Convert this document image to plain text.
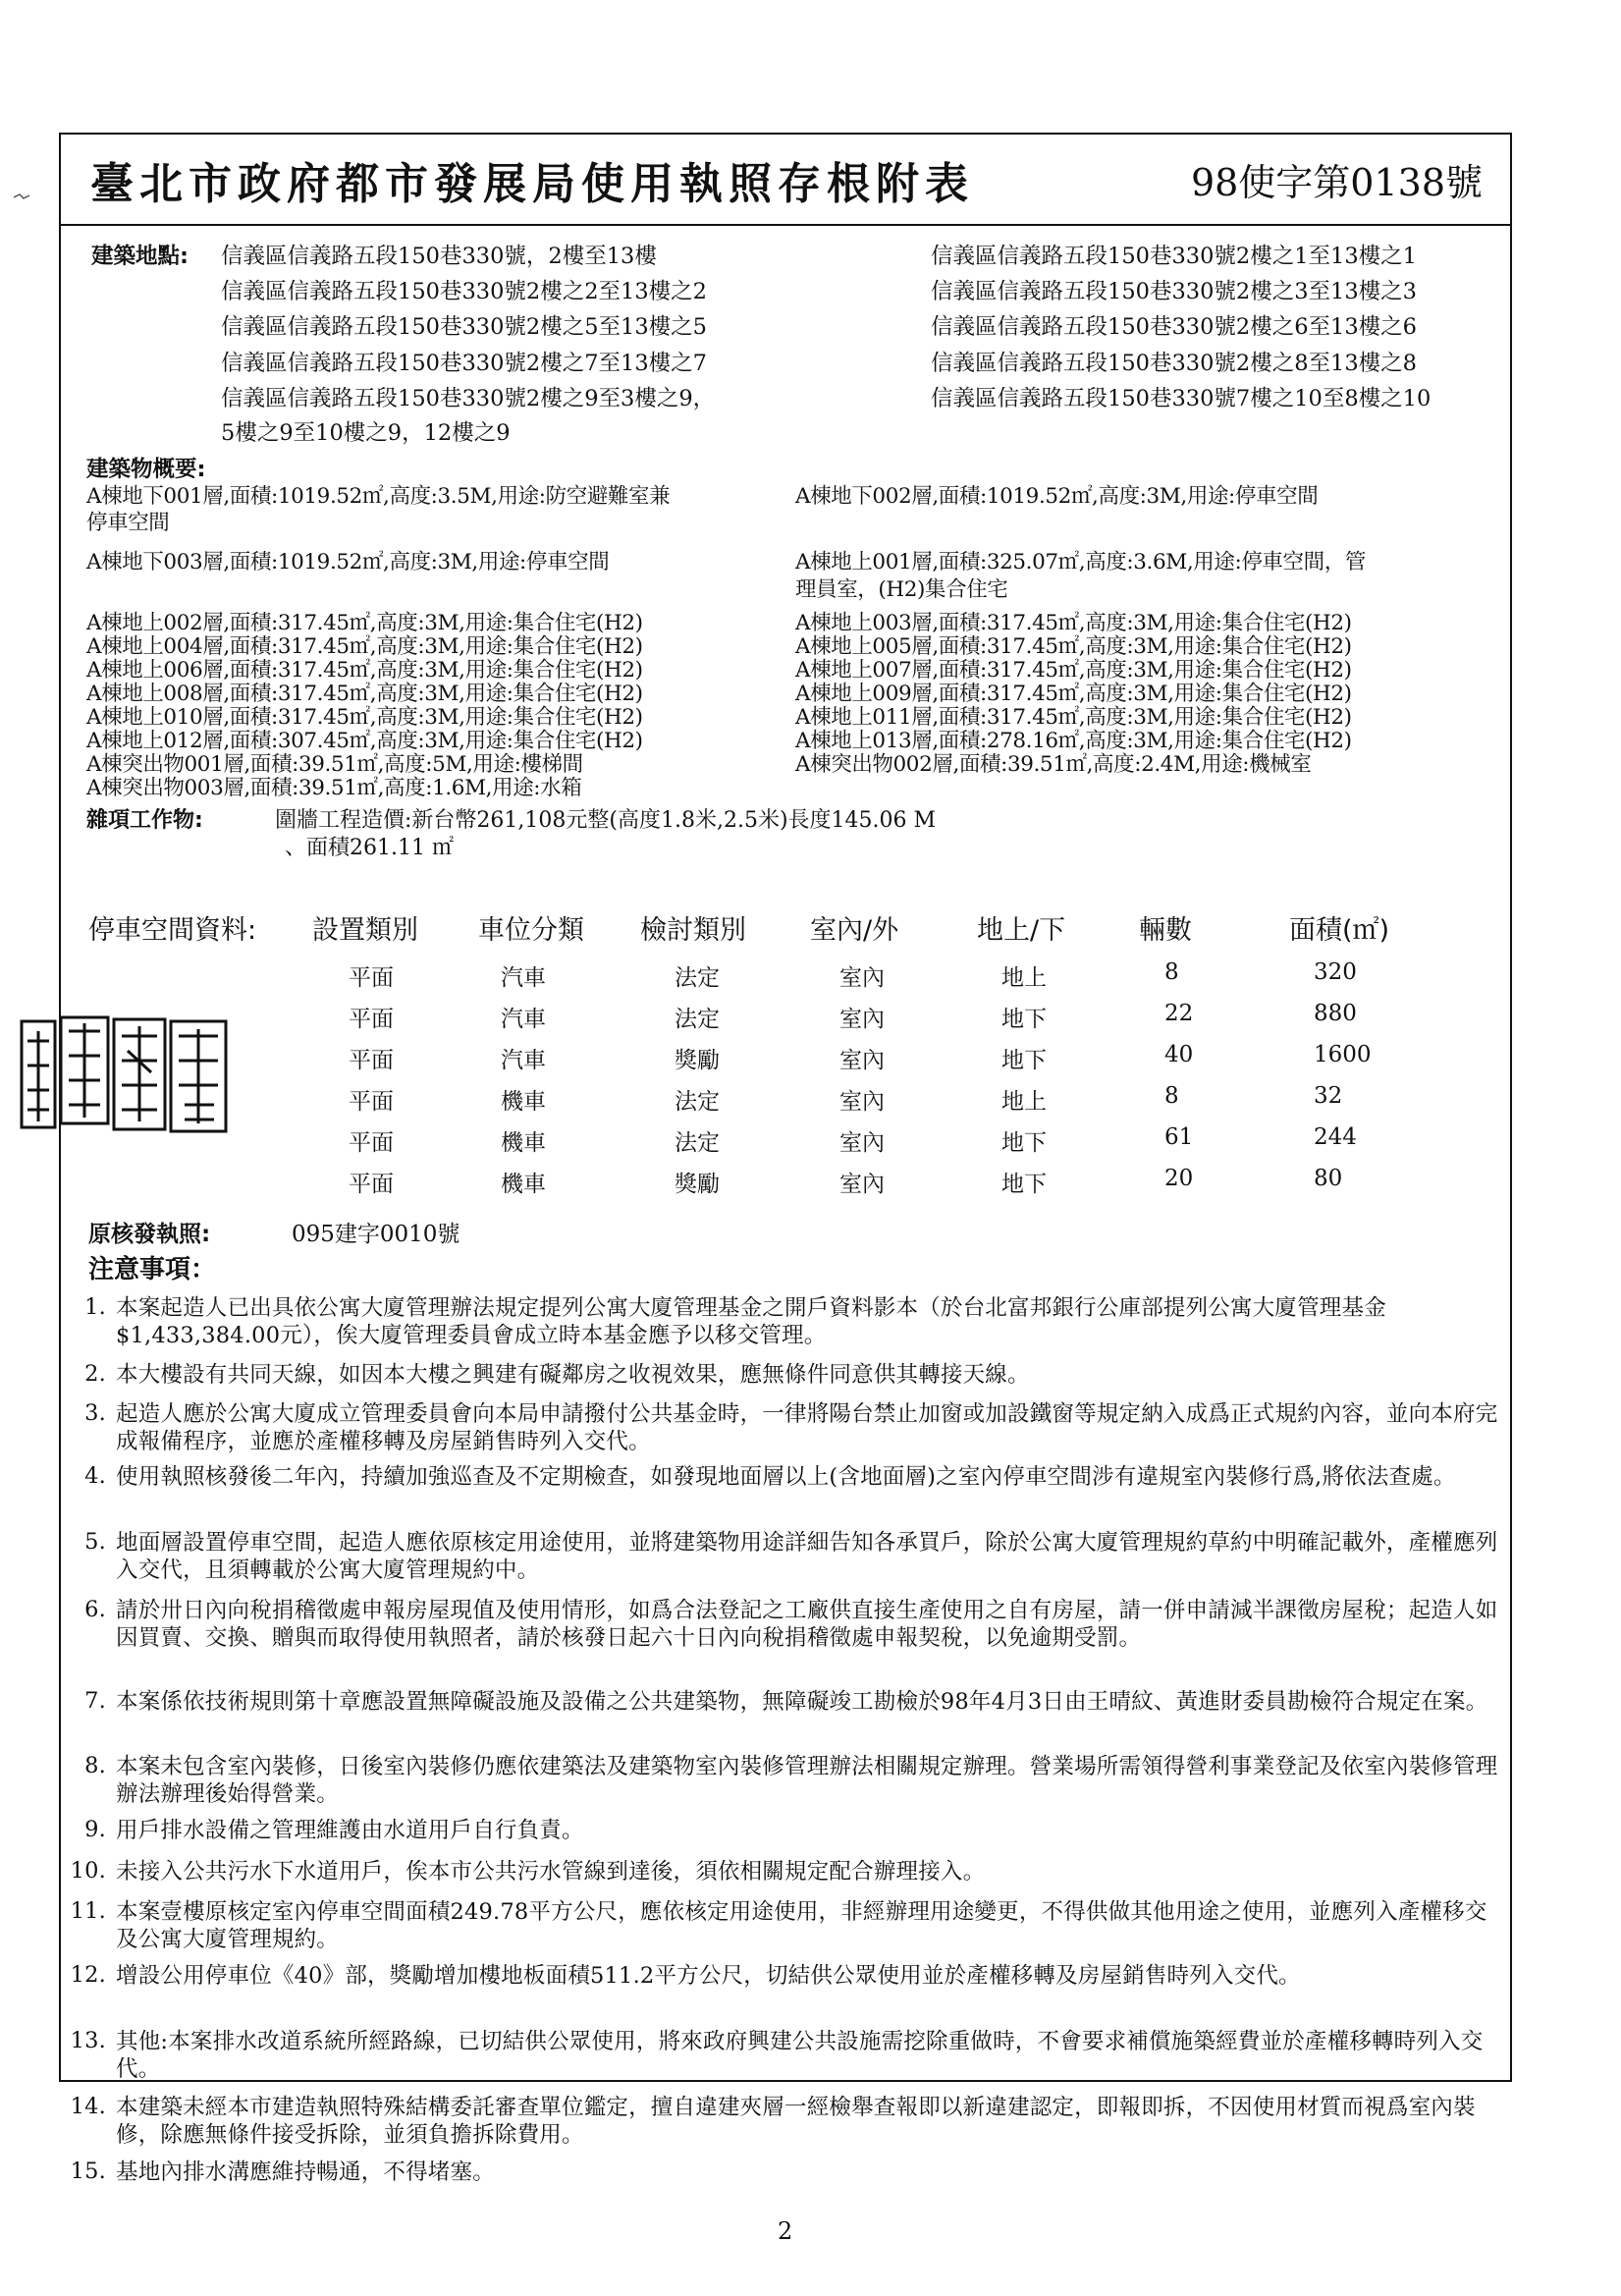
臺北市政府都市發展局使用執照存根附表	98使字第0138號
建築地點: 信義區信義路五段150巷330號，2樓至13樓
信義區信義路五段150巷330號2樓之2至13樓之2
信義區信義路五段150巷330號2樓之5至13樓之5
信義區信義路五段150巷330號2樓之7至13樓之7
信義區信義路五段150巷330號2樓之9至3樓之9，
5樓之9至10樓之9，12樓之9
信義區信義路五段150巷330號2樓之1至13樓之1
信義區信義路五段150巷330號2樓之3至13樓之3
信義區信義路五段150巷330號2樓之6至13樓之6
信義區信義路五段150巷330號2樓之8至13樓之8
信義區信義路五段150巷330號7樓之10至8樓之10
建築物概要:
A棟地下001層,面積:1019.52㎡,高度:3.5M,用途:防空避難室兼
停車空間
A棟地下002層,面積:1019.52㎡,高度:3M,用途:停車空間
A棟地下003層,面積:1019.52㎡,高度:3M,用途:停車空間	A棟地上001層,面積:325.07㎡,高度:3.6M,用途:停車空間，管
理員室，(H2)集合住宅
A棟地上002層,面積:317.45㎡,高度:3M,用途:集合住宅(H2)	A棟地上003層,面積:317.45㎡,高度:3M,用途:集合住宅(H2)
A棟地上004層,面積:317.45㎡,高度:3M,用途:集合住宅(H2)	A棟地上005層,面積:317.45㎡,高度:3M,用途:集合住宅(H2)
A棟地上006層,面積:317.45㎡,高度:3M,用途:集合住宅(H2)	A棟地上007層,面積:317.45㎡,高度:3M,用途:集合住宅(H2)
A棟地上008層,面積:317.45㎡,高度:3M,用途:集合住宅(H2)	A棟地上009層,面積:317.45㎡,高度:3M,用途:集合住宅(H2)
A棟地上010層,面積:317.45㎡,高度:3M,用途:集合住宅(H2)	A棟地上011層,面積:317.45㎡,高度:3M,用途:集合住宅(H2)
A棟地上012層,面積:307.45㎡,高度:3M,用途:集合住宅(H2)	A棟地上013層,面積:278.16㎡,高度:3M,用途:集合住宅(H2)
A棟突出物001層,面積:39.51㎡,高度:5M,用途:樓梯間	A棟突出物002層,面積:39.51㎡,高度:2.4M,用途:機械室
A棟突出物003層,面積:39.51㎡,高度:1.6M,用途:水箱
雜項工作物:	圍牆工程造價:新台幣261,108元整(高度1.8米,2.5米)長度145.06 M
、面積261.11 ㎡
停車空間資料: 設置類別 車位分類 檢討類別 室內/外	地上/下	輛數	面積(㎡)
平面	汽車	法定	室內	地上	8	320
平面	汽車	法定	室內	地下	22	880
平面	汽車	獎勵	室內	地下	40	1600
平面	機車	法定	室內	地上	8	32
平面	機車	法定	室內	地下	61	244
平面	機車	獎勵	室內	地下	20	80
原核發執照:	095建字0010號
注意事項：
1. 本案起造人已出具依公寓大廈管理辦法規定提列公寓大廈管理基金之開戶資料影本（於台北富邦銀行公庫部提列公寓大廈管理基金$1,433,384.00元），俟大廈管理委員會成立時本基金應予以移交管理。
2. 本大樓設有共同天線，如因本大樓之興建有礙鄰房之收視效果，應無條件同意供其轉接天線。
3. 起造人應於公寓大廈成立管理委員會向本局申請撥付公共基金時，一律將陽台禁止加窗或加設鐵窗等規定納入成爲正式規約內容，並向本府完成報備程序，並應於產權移轉及房屋銷售時列入交代。
4. 使用執照核發後二年內，持續加強巡查及不定期檢查，如發現地面層以上(含地面層)之室內停車空間涉有違規室內裝修行爲,將依法查處。
5. 地面層設置停車空間，起造人應依原核定用途使用，並將建築物用途詳細告知各承買戶，除於公寓大廈管理規約草約中明確記載外，產權應列入交代，且須轉載於公寓大廈管理規約中。
6. 請於卅日內向稅捐稽徵處申報房屋現值及使用情形，如爲合法登記之工廠供直接生產使用之自有房屋，請一併申請減半課徵房屋稅；起造人如因買賣、交換、贈與而取得使用執照者，請於核發日起六十日內向稅捐稽徵處申報契稅，以免逾期受罰。
7. 本案係依技術規則第十章應設置無障礙設施及設備之公共建築物，無障礙竣工勘檢於98年4月3日由王晴紋、黃進財委員勘檢符合規定在案。
8. 本案未包含室內裝修，日後室內裝修仍應依建築法及建築物室內裝修管理辦法相關規定辦理。營業場所需領得營利事業登記及依室內裝修管理辦法辦理後始得營業。
9. 用戶排水設備之管理維護由水道用戶自行負責。
10. 未接入公共污水下水道用戶，俟本市公共污水管線到達後，須依相關規定配合辦理接入。
11. 本案壹樓原核定室內停車空間面積249.78平方公尺，應依核定用途使用，非經辦理用途變更，不得供做其他用途之使用，並應列入產權移交及公寓大廈管理規約。
12. 增設公用停車位《40》部，獎勵增加樓地板面積511.2平方公尺，切結供公眾使用並於產權移轉及房屋銷售時列入交代。
13. 其他:本案排水改道系統所經路線，已切結供公眾使用，將來政府興建公共設施需挖除重做時，不會要求補償施築經費並於產權移轉時列入交代。
14. 本建築未經本市建造執照特殊結構委託審查單位鑑定，擅自違建夾層一經檢舉查報即以新違建認定，即報即拆，不因使用材質而視爲室內裝修，除應無條件接受拆除，並須負擔拆除費用。
15. 基地內排水溝應維持暢通，不得堵塞。
2
